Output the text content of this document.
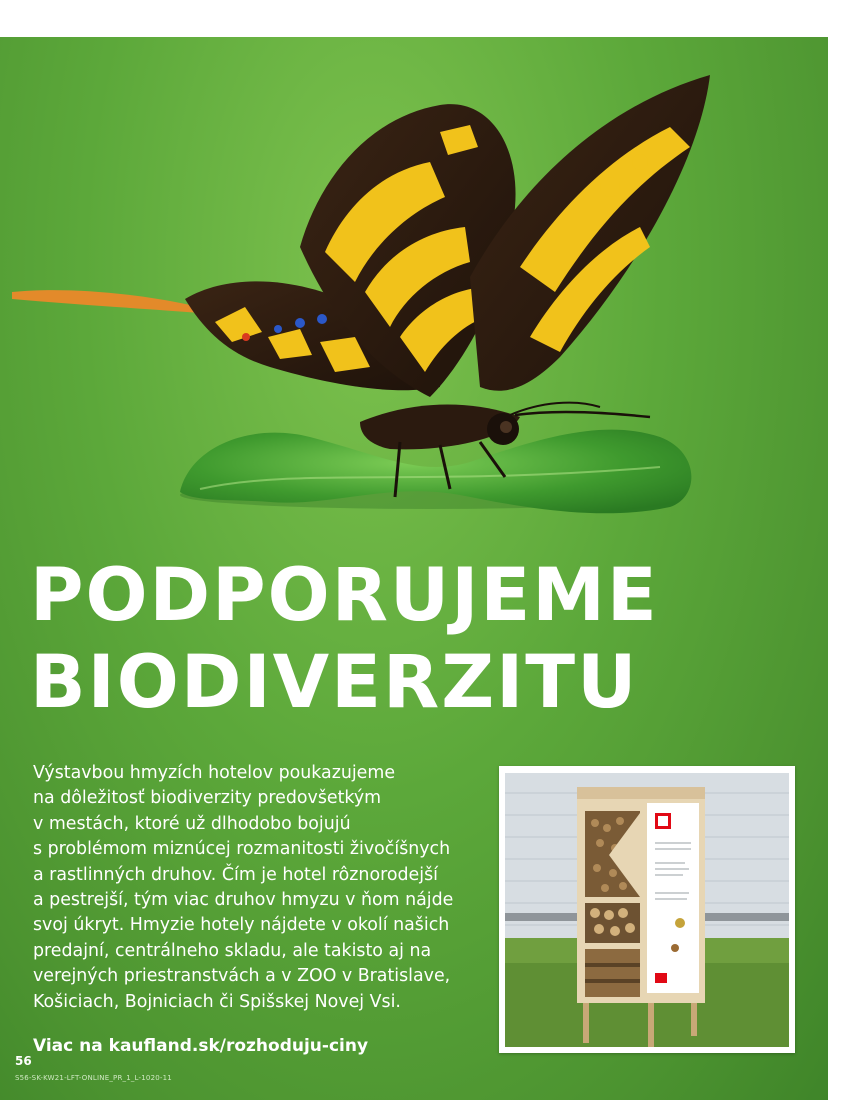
PODPORUJEME
BIODIVERZITU

Výstavbou hmyzích hotelov poukazujeme
na dôležitosť biodiverzity predovšetkým
v mestách, ktoré už dlhodobo bojujú
s problémom miznúcej rozmanitosti živočíšnych
a rastlinných druhov. Čím je hotel rôznorodejší
a pestrejší, tým viac druhov hmyzu v ňom nájde
svoj úkryt. Hmyzie hotely nájdete v okolí našich
predajní, centrálneho skladu, ale takisto aj na
verejných priestranstvách a v ZOO v Bratislave,
Košiciach, Bojniciach či Spišskej Novej Vsi.

Viac na kaufland.sk/rozhoduju-ciny
56
S56-SK-KW21-LFT-ONLINE_PR_1_L-1020-11
